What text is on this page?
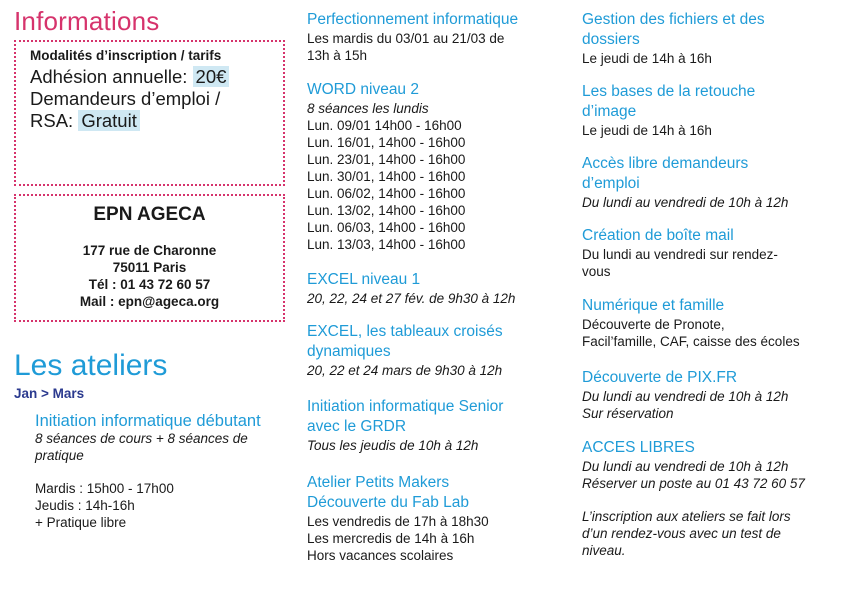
Informations
Modalités d’inscription / tarifs
Adhésion annuelle: 20€
Demandeurs d’emploi /
RSA: Gratuit
EPN AGECA
177 rue de Charonne
75011 Paris
Tél : 01 43 72 60 57
Mail : epn@ageca.org
Les ateliers
Jan > Mars
Initiation informatique débutant
8 séances de cours + 8 séances de pratique
Mardis : 15h00 - 17h00
Jeudis : 14h-16h
+ Pratique libre
Perfectionnement informatique
Les mardis du 03/01 au 21/03 de
13h à 15h
WORD niveau 2
8 séances les lundis
Lun. 09/01 14h00 - 16h00
Lun. 16/01, 14h00 - 16h00
Lun. 23/01, 14h00 - 16h00
Lun. 30/01, 14h00 - 16h00
Lun. 06/02, 14h00 - 16h00
Lun. 13/02, 14h00 - 16h00
Lun. 06/03, 14h00 - 16h00
Lun. 13/03, 14h00 - 16h00
EXCEL niveau 1
20, 22, 24 et 27 fév. de 9h30 à 12h
EXCEL, les tableaux croisés
dynamiques
20, 22 et 24 mars de 9h30 à 12h
Initiation informatique Senior
avec le GRDR
Tous les jeudis de 10h à 12h
Atelier Petits Makers
Découverte du Fab Lab
Les vendredis de 17h à 18h30
Les mercredis de 14h à 16h
Hors vacances scolaires
Gestion des fichiers et des
dossiers
Le jeudi de 14h à 16h
Les bases de la retouche
d’image
Le jeudi de 14h à 16h
Accès libre demandeurs
d’emploi
Du lundi au vendredi de 10h à 12h
Création de boîte mail
Du lundi au vendredi sur rendez-
vous
Numérique et famille
Découverte de Pronote,
Facil’famille, CAF, caisse des écoles
Découverte de PIX.FR
Du lundi au vendredi de 10h à 12h
Sur réservation
ACCES LIBRES
Du lundi au vendredi de 10h à 12h
Réserver un poste au 01 43 72 60 57
L’inscription aux ateliers se fait lors
d’un rendez-vous avec un test de
niveau.
